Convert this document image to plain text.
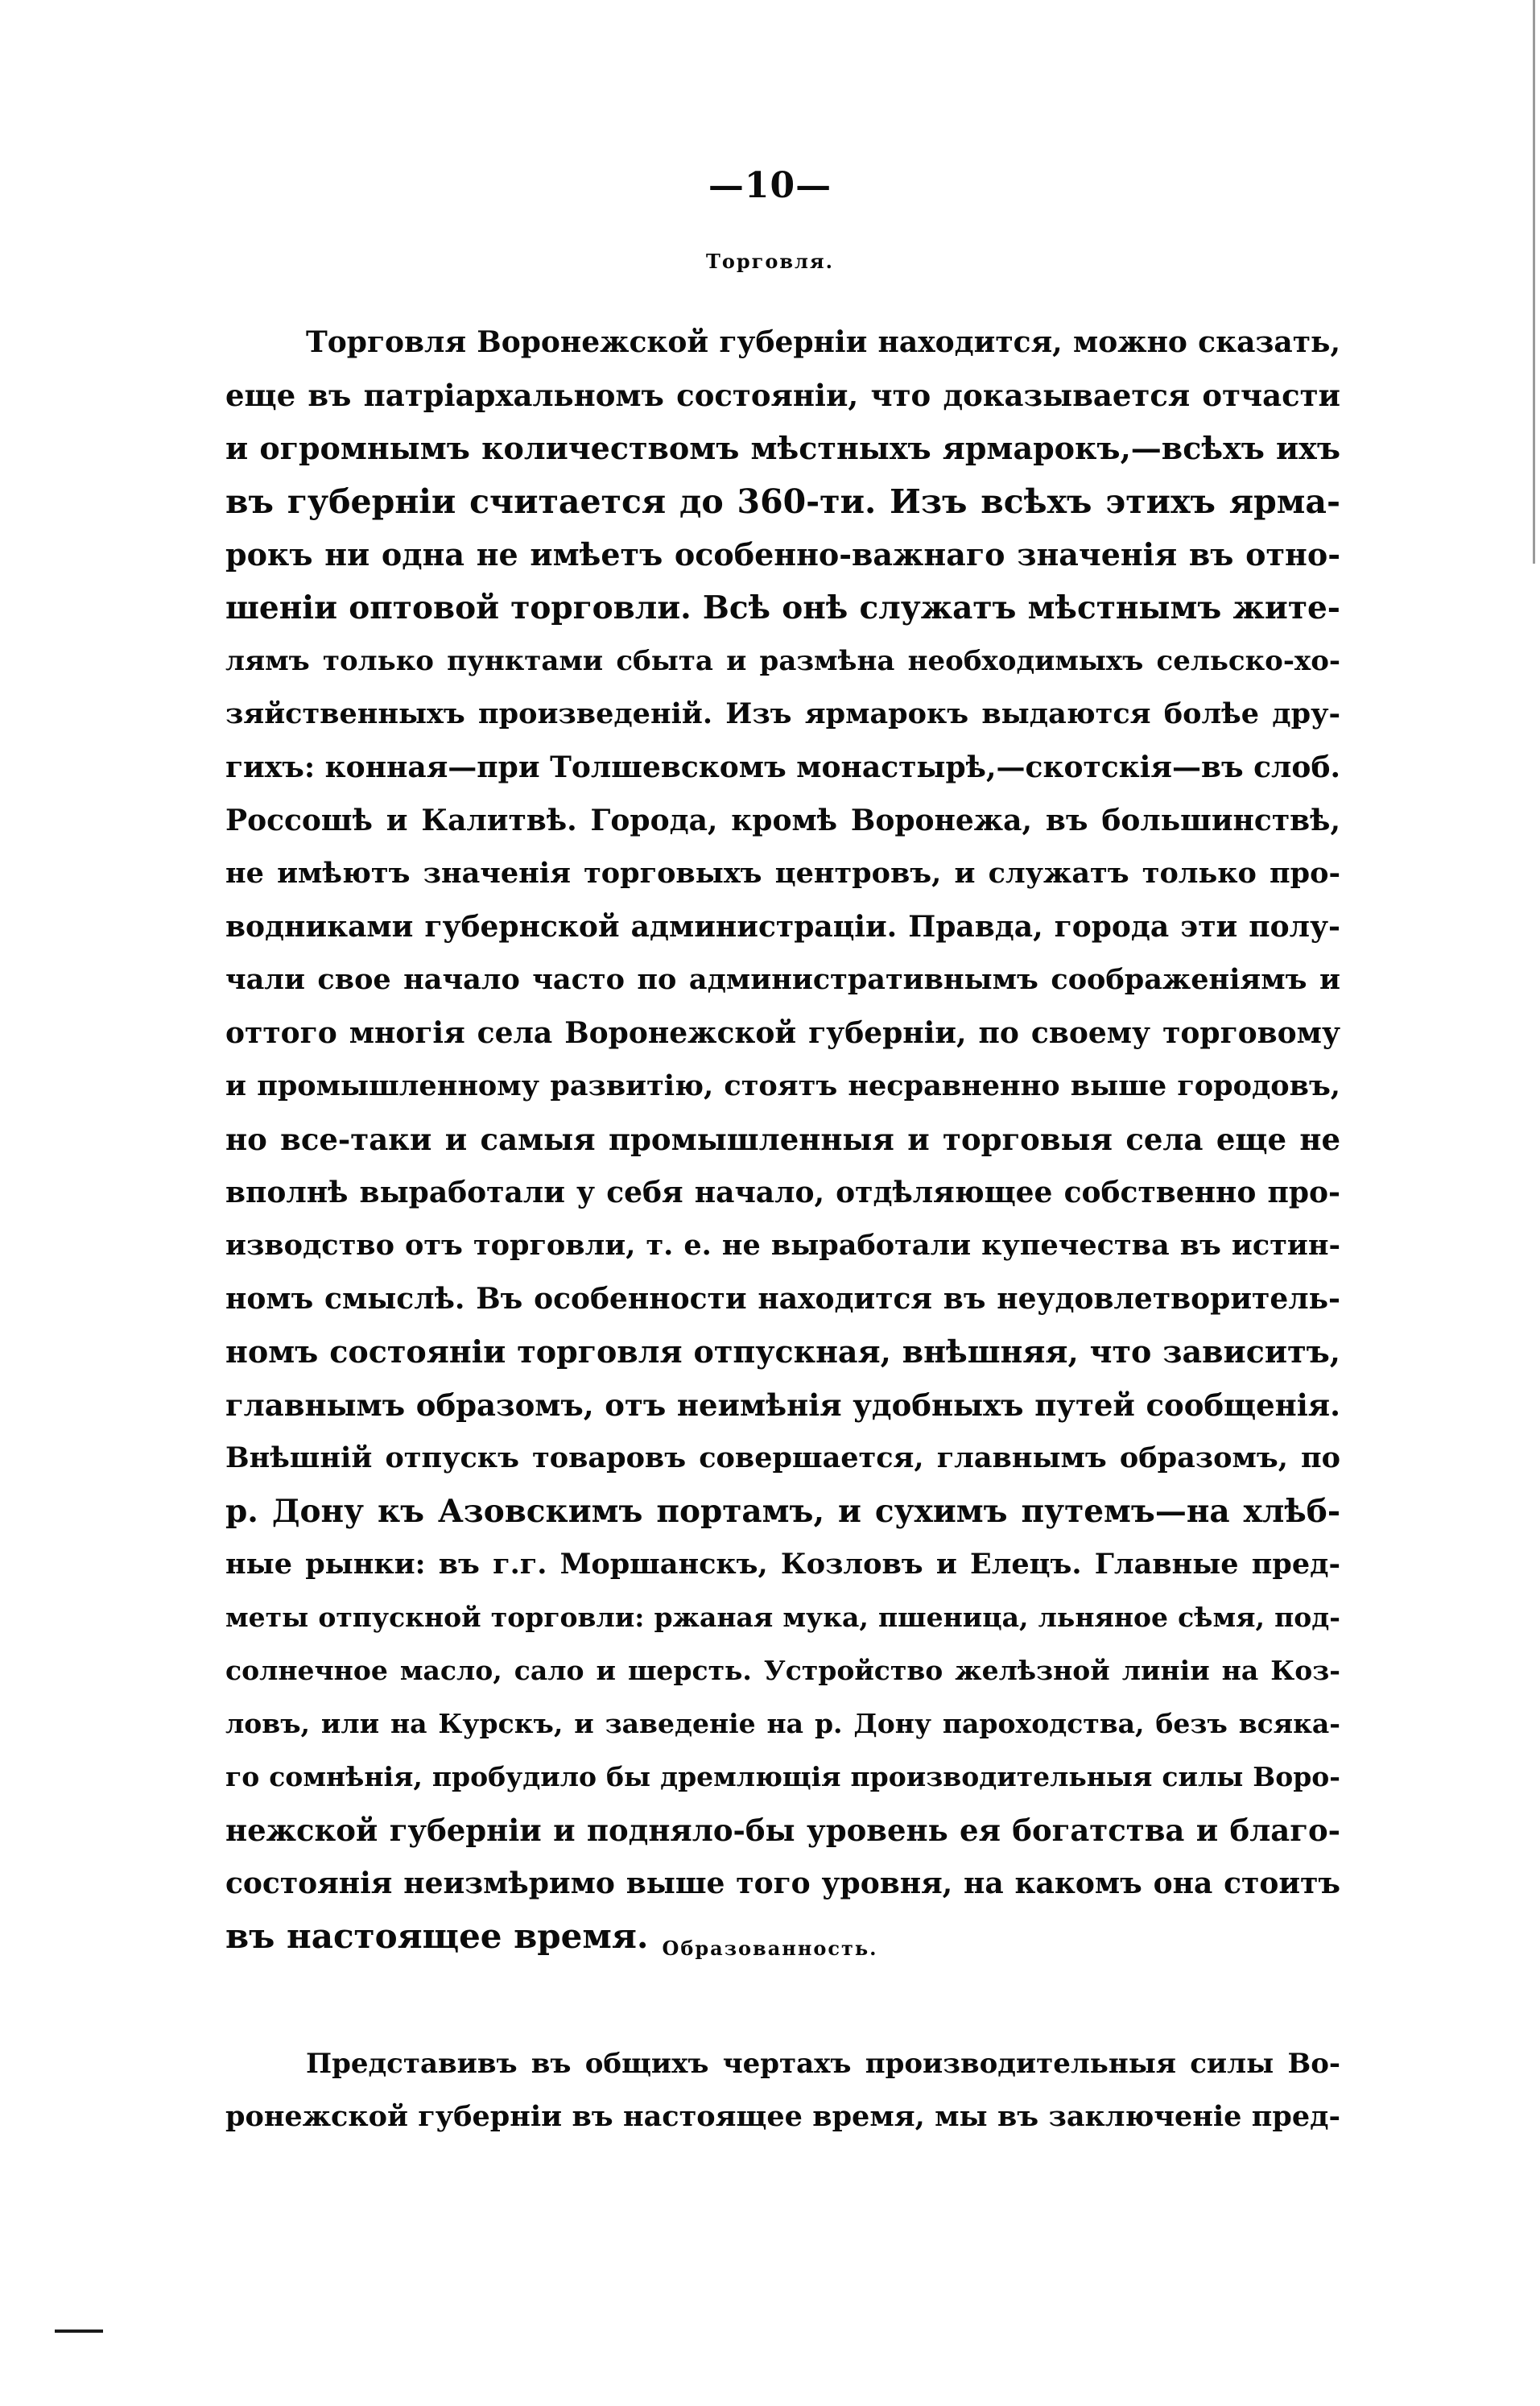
—10—
Торговля.
Торговля Воронежской губерніи находится, можно сказать,
еще въ патріархальномъ состояніи, что доказывается отчасти
и огромнымъ количествомъ мѣстныхъ ярмарокъ,—всѣхъ ихъ
въ губерніи считается до 360-ти. Изъ всѣхъ этихъ ярма-
рокъ ни одна не имѣетъ особенно-важнаго значенія въ отно-
шеніи оптовой торговли. Всѣ онѣ служатъ мѣстнымъ жите-
лямъ только пунктами сбыта и размѣна необходимыхъ сельско-хо-
зяйственныхъ произведеній. Изъ ярмарокъ выдаются болѣе дру-
гихъ: конная—при Толшевскомъ монастырѣ,—скотскія—въ слоб.
Россошѣ и Калитвѣ. Города, кромѣ Воронежа, въ большинствѣ,
не имѣютъ значенія торговыхъ центровъ, и служатъ только про-
водниками губернской администраціи. Правда, города эти полу-
чали свое начало часто по административнымъ соображеніямъ и
оттого многія села Воронежской губерніи, по своему торговому
и промышленному развитію, стоятъ несравненно выше городовъ,
но все-таки и самыя промышленныя и торговыя села еще не
вполнѣ выработали у себя начало, отдѣляющее собственно про-
изводство отъ торговли, т. е. не выработали купечества въ истин-
номъ смыслѣ. Въ особенности находится въ неудовлетворитель-
номъ состояніи торговля отпускная, внѣшняя, что зависитъ,
главнымъ образомъ, отъ неимѣнія удобныхъ путей сообщенія.
Внѣшній отпускъ товаровъ совершается, главнымъ образомъ, по
р. Дону къ Азовскимъ портамъ, и сухимъ путемъ—на хлѣб-
ные рынки: въ г.г. Моршанскъ, Козловъ и Елецъ. Главные пред-
меты отпускной торговли: ржаная мука, пшеница, льняное сѣмя, под-
солнечное масло, сало и шерсть. Устройство желѣзной линіи на Коз-
ловъ, или на Курскъ, и заведеніе на р. Дону пароходства, безъ всяка-
го сомнѣнія, пробудило бы дремлющія производительныя силы Воро-
нежской губерніи и подняло-бы уровень ея богатства и благо-
состоянія неизмѣримо выше того уровня, на какомъ она стоитъ
въ настоящее время. Образованность.
Представивъ въ общихъ чертахъ производительныя силы Во-
ронежской губерніи въ настоящее время, мы въ заключеніе пред-
